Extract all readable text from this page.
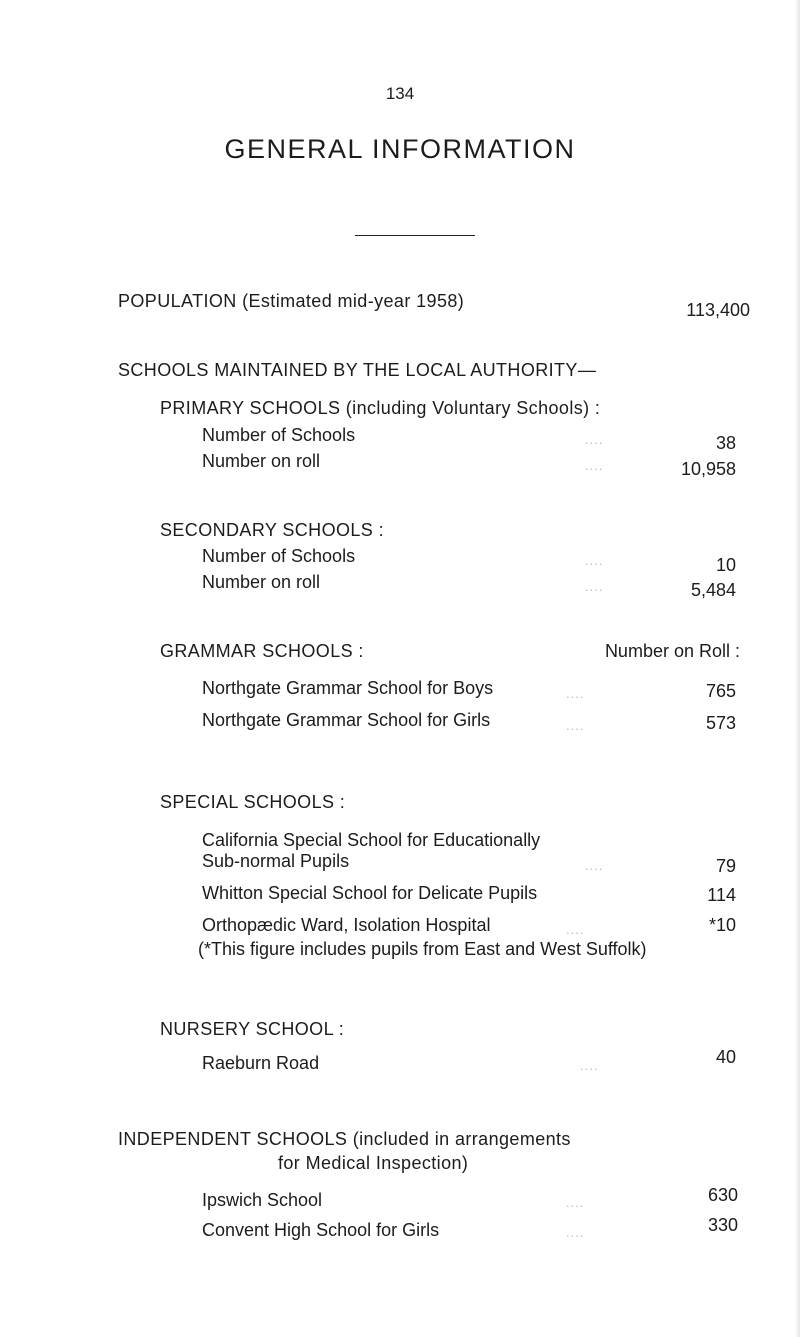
134
GENERAL INFORMATION
POPULATION (Estimated mid-year 1958)	113,400
SCHOOLS MAINTAINED BY THE LOCAL AUTHORITY—
PRIMARY SCHOOLS (including Voluntary Schools) :
Number of Schools	....	38
Number on roll	....	10,958
SECONDARY SCHOOLS :
Number of Schools	....	10
Number on roll	....	5,484
GRAMMAR SCHOOLS :	Number on Roll :
Northgate Grammar School for Boys	....	765
Northgate Grammar School for Girls	....	573
SPECIAL SCHOOLS :
California Special School for Educationally
Sub-normal Pupils	....	79
Whitton Special School for Delicate Pupils	114
Orthopædic Ward, Isolation Hospital	....	*10
(*This figure includes pupils from East and West Suffolk)
NURSERY SCHOOL :
Raeburn Road	....	40
INDEPENDENT SCHOOLS (included in arrangements
for Medical Inspection)
Ipswich School	....	630
Convent High School for Girls	....	330
